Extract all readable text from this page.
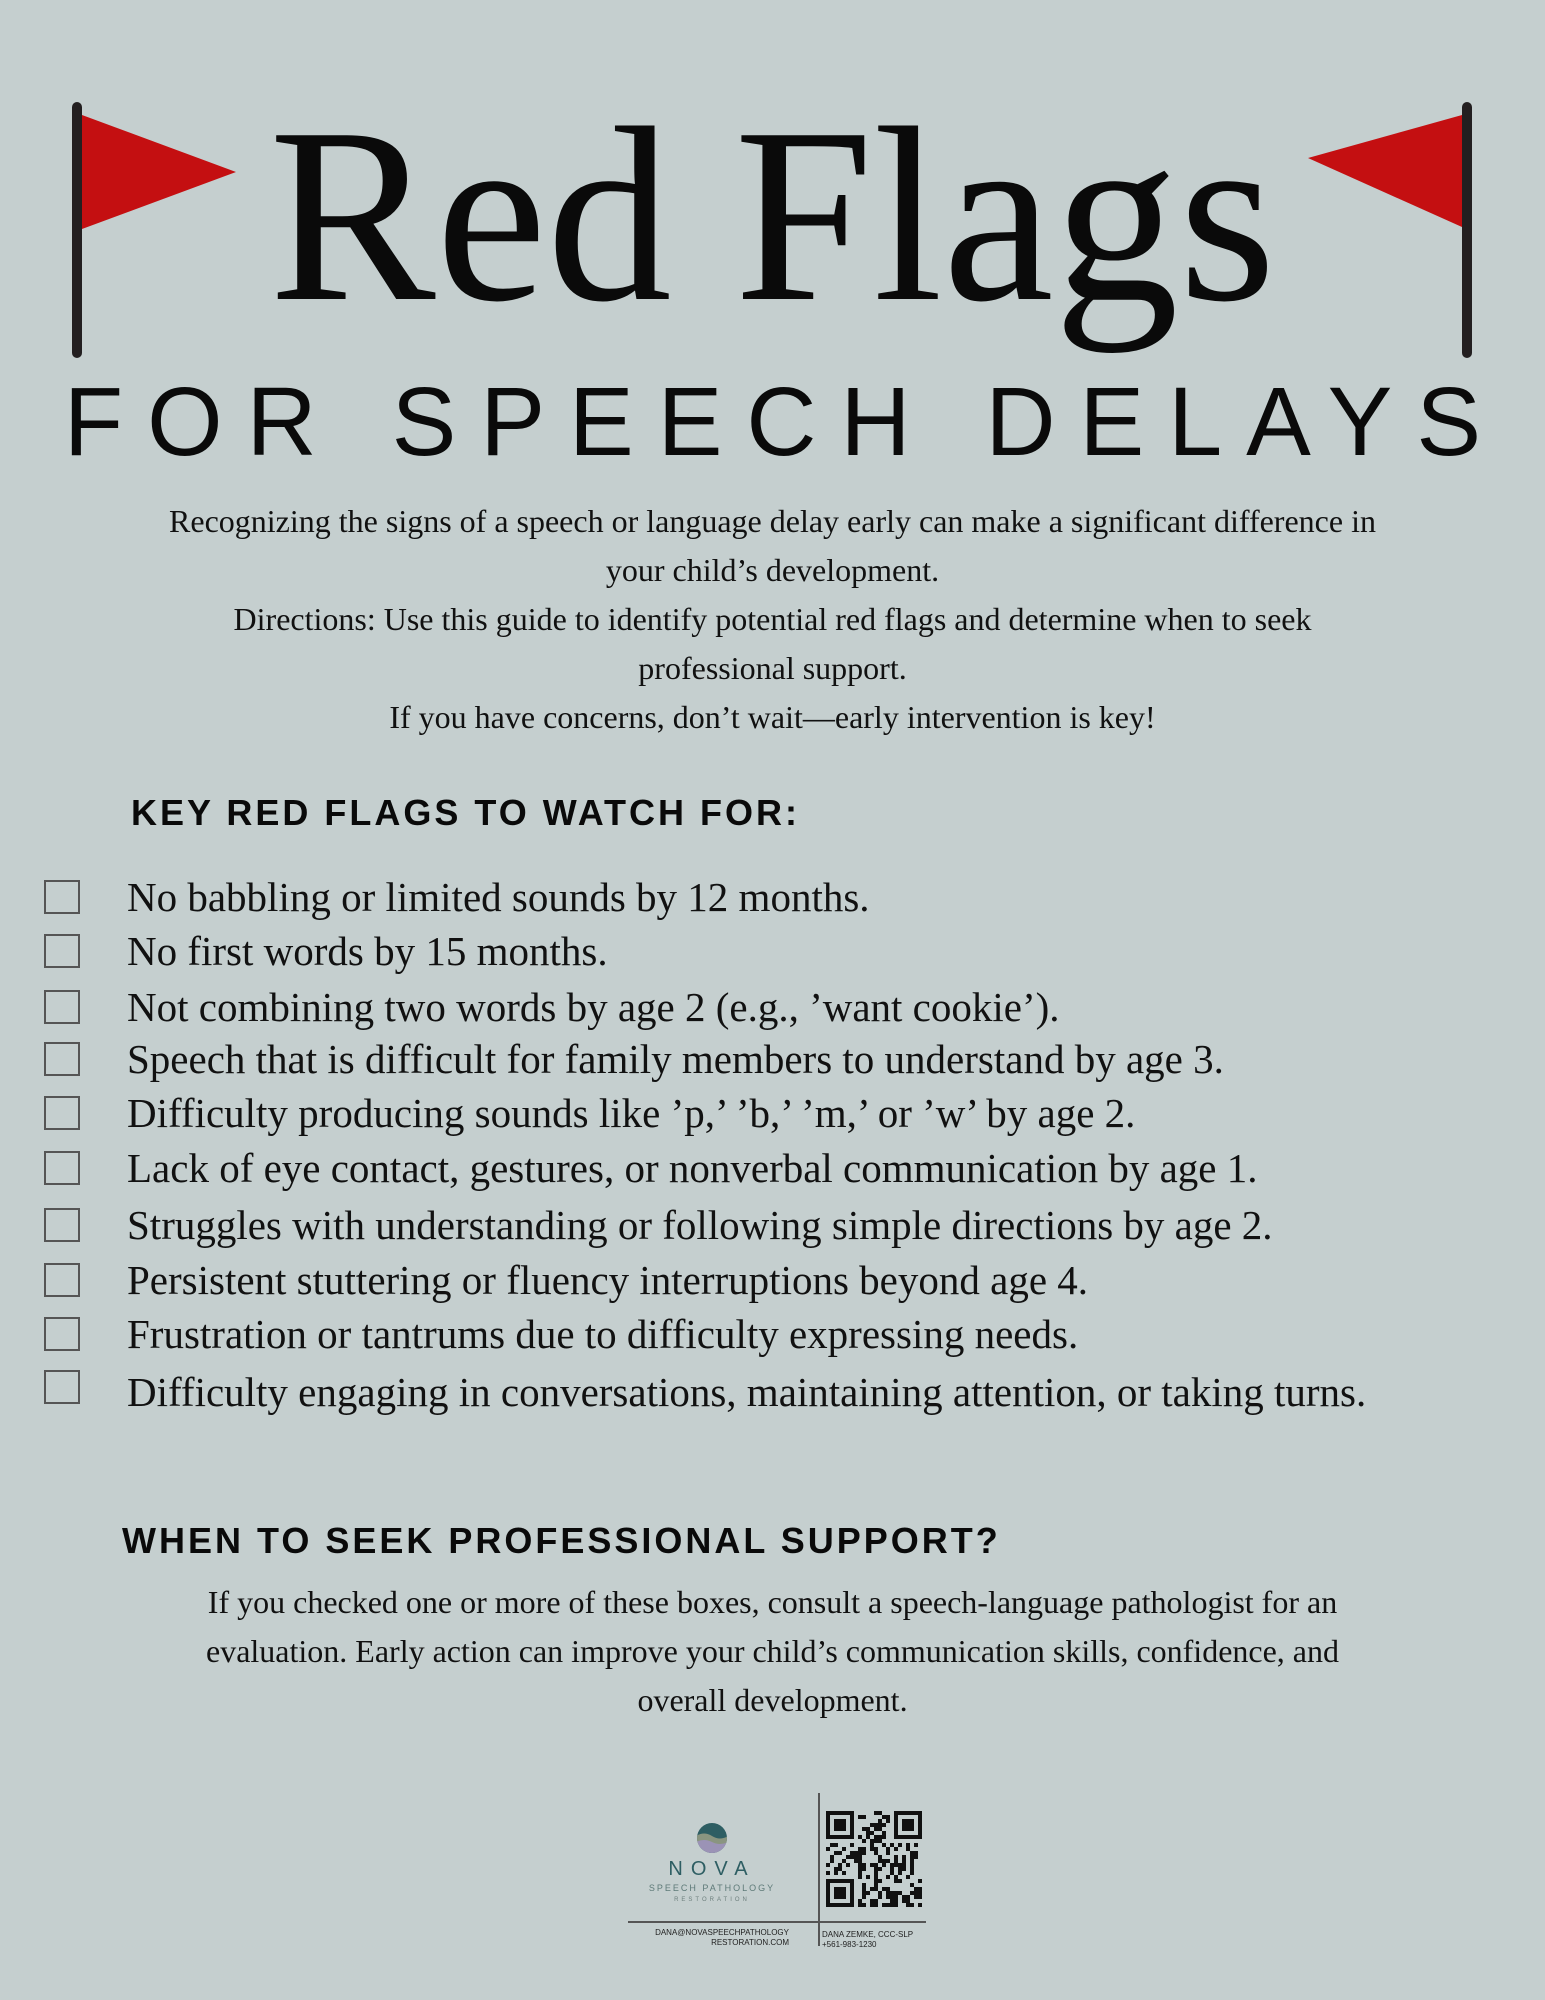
Red Flags
FOR SPEECH DELAYS
Recognizing the signs of a speech or language delay early can make a significant difference in
your child’s development.
Directions: Use this guide to identify potential red flags and determine when to seek
professional support.
If you have concerns, don’t wait—early intervention is key!
KEY RED FLAGS TO WATCH FOR:
No babbling or limited sounds by 12 months.
No first words by 15 months.
Not combining two words by age 2 (e.g., ’want cookie’).
Speech that is difficult for family members to understand by age 3.
Difficulty producing sounds like ’p,’ ’b,’ ’m,’ or ’w’ by age 2.
Lack of eye contact, gestures, or nonverbal communication by age 1.
Struggles with understanding or following simple directions by age 2.
Persistent stuttering or fluency interruptions beyond age 4.
Frustration or tantrums due to difficulty expressing needs.
Difficulty engaging in conversations, maintaining attention, or taking turns.
WHEN TO SEEK PROFESSIONAL SUPPORT?
If you checked one or more of these boxes, consult a speech-language pathologist for an
evaluation. Early action can improve your child’s communication skills, confidence, and
overall development.
NOVA
SPEECH PATHOLOGY
RESTORATION
DANA@NOVASPEECHPATHOLOGY
RESTORATION.COM
DANA ZEMKE, CCC-SLP
+561-983-1230
